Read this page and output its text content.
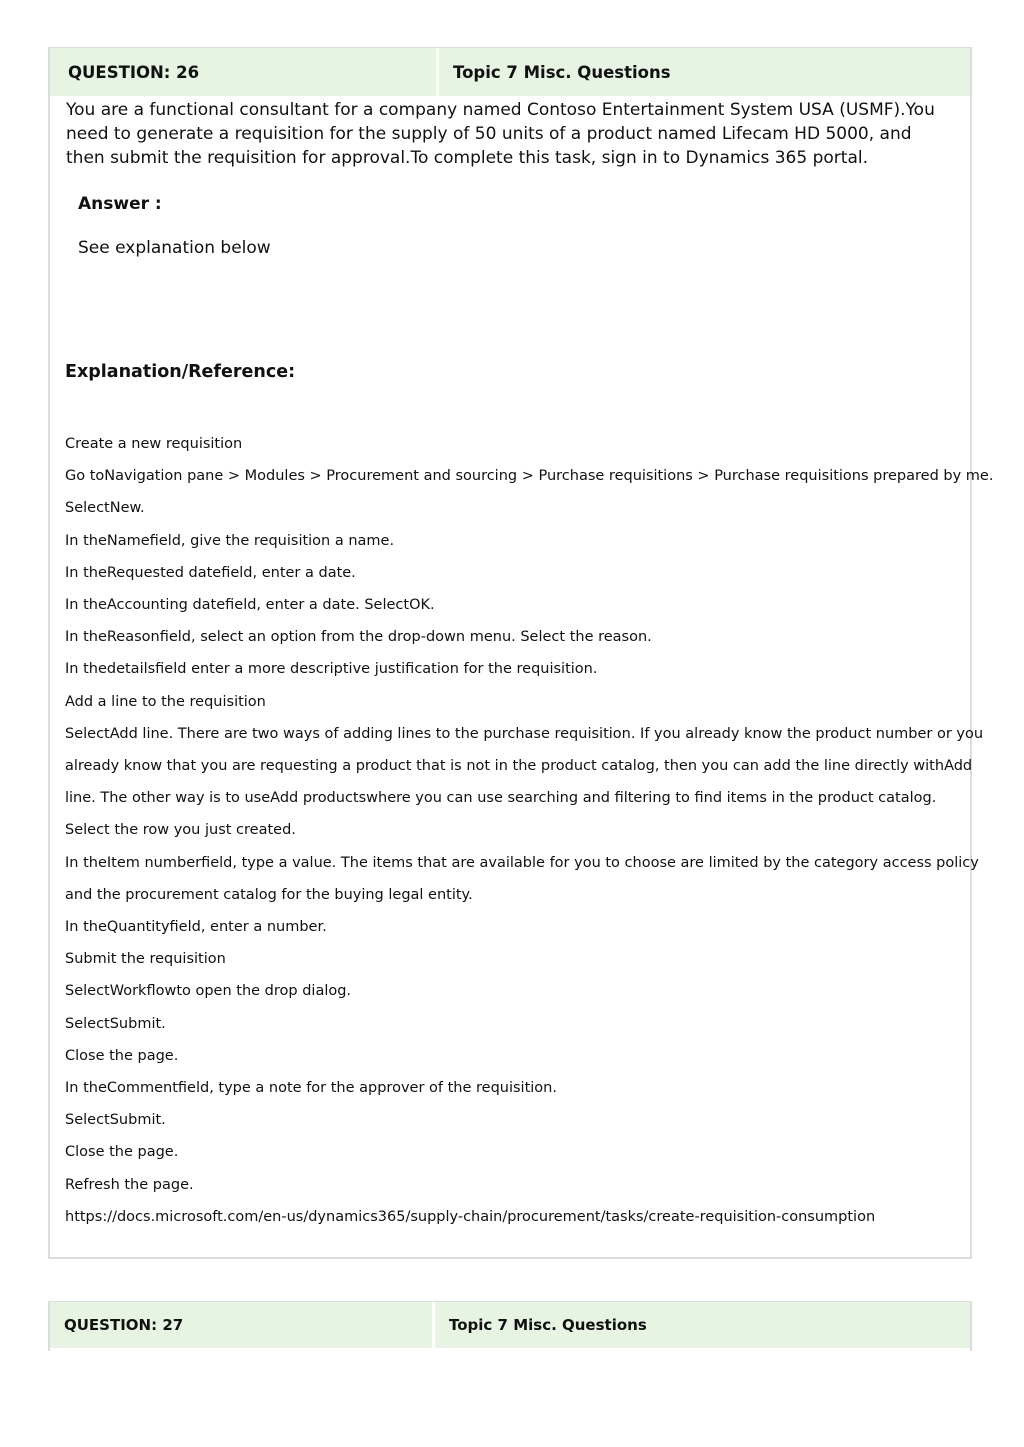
QUESTION: 26	Topic 7 Misc. Questions

You are a functional consultant for a company named Contoso Entertainment System USA (USMF).You need to generate a requisition for the supply of 50 units of a product named Lifecam HD 5000, and then submit the requisition for approval.To complete this task, sign in to Dynamics 365 portal.

Answer :
See explanation below
Explanation/Reference:
Create a new requisition
Go toNavigation pane > Modules > Procurement and sourcing > Purchase requisitions > Purchase requisitions prepared by me.
SelectNew.
In theNamefield, give the requisition a name.
In theRequested datefield, enter a date.
In theAccounting datefield, enter a date. SelectOK.
In theReasonfield, select an option from the drop-down menu. Select the reason.
In thedetailsfield enter a more descriptive justification for the requisition.
Add a line to the requisition
SelectAdd line. There are two ways of adding lines to the purchase requisition. If you already know the product number or you
already know that you are requesting a product that is not in the product catalog, then you can add the line directly withAdd
line. The other way is to useAdd productswhere you can use searching and filtering to find items in the product catalog.
Select the row you just created.
In theItem numberfield, type a value. The items that are available for you to choose are limited by the category access policy
and the procurement catalog for the buying legal entity.
In theQuantityfield, enter a number.
Submit the requisition
SelectWorkflowto open the drop dialog.
SelectSubmit.
Close the page.
In theCommentfield, type a note for the approver of the requisition.
SelectSubmit.
Close the page.
Refresh the page.
https://docs.microsoft.com/en-us/dynamics365/supply-chain/procurement/tasks/create-requisition-consumption
QUESTION: 27	Topic 7 Misc. Questions
